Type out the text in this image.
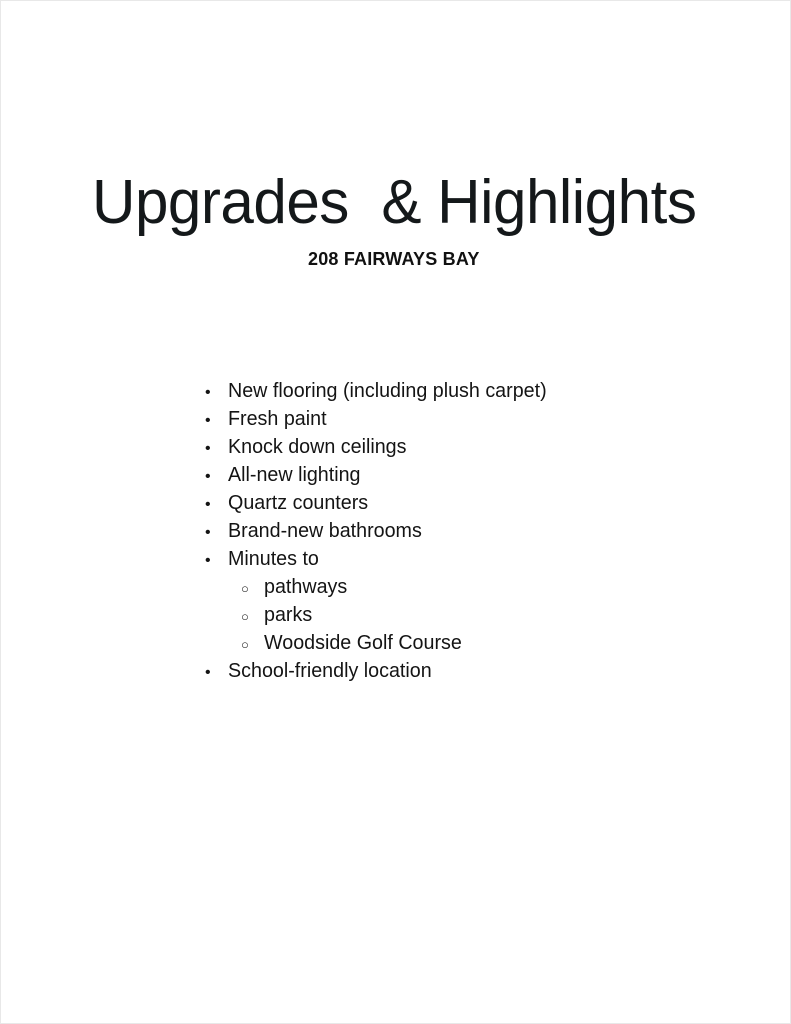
Upgrades  & Highlights
208 FAIRWAYS BAY
• New flooring (including plush carpet)
• Fresh paint
• Knock down ceilings
• All-new lighting
• Quartz counters
• Brand-new bathrooms
• Minutes to
○ pathways
○ parks
○ Woodside Golf Course
• School-friendly location
